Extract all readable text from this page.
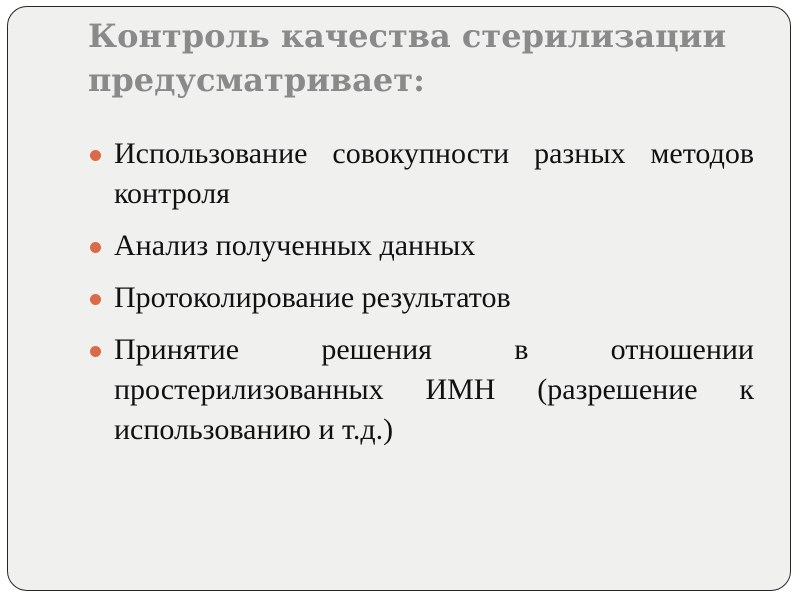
Контроль качества стерилизации предусматривает:
Использование совокупности разных методов контроля
Анализ полученных данных
Протоколирование результатов
Принятие решения в отношении простерилизованных ИМН (разрешение к использованию и т.д.)
